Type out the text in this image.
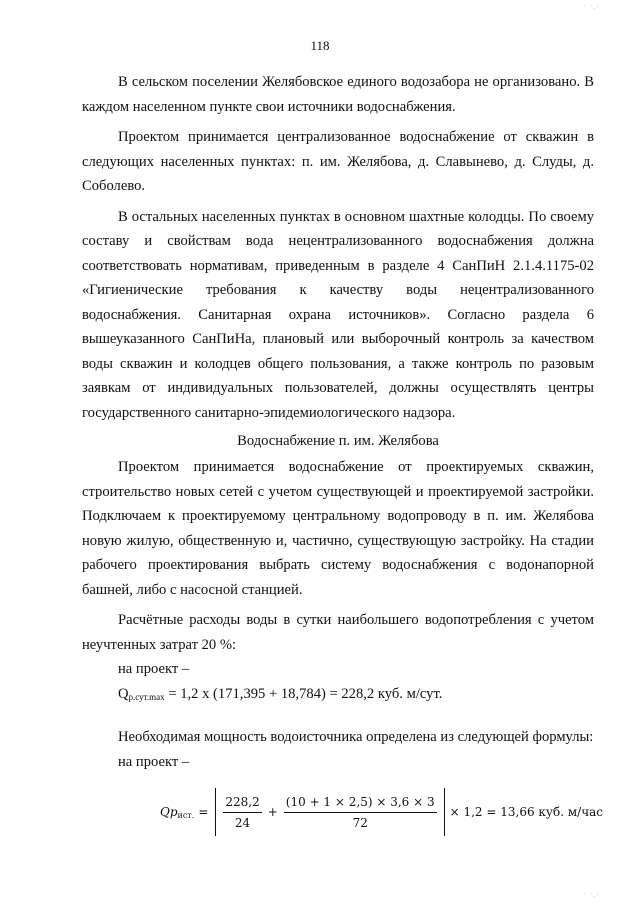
· ·.·
118

В сельском поселении Желябовское единого водозабора не организовано. В каждом населенном пункте свои источники водоснабжения.

Проектом принимается централизованное водоснабжение от скважин в следующих населенных пунктах: п. им. Желябова, д. Славынево, д. Слуды, д. Соболево.

В остальных населенных пунктах в основном шахтные колодцы. По своему составу и свойствам вода нецентрализованного водоснабжения должна соответствовать нормативам, приведенным в разделе 4 СанПиН 2.1.4.1175-02 «Гигиенические требования к качеству воды нецентрализованного водоснабжения. Санитарная охрана источников». Согласно раздела 6 вышеуказанного СанПиНа, плановый или выборочный контроль за качеством воды скважин и колодцев общего пользования, а также контроль по разовым заявкам от индивидуальных пользователей, должны осуществлять центры государственного санитарно-эпидемиологического надзора.

Водоснабжение п. им. Желябова

Проектом принимается водоснабжение от проектируемых скважин, строительство новых сетей с учетом существующей и проектируемой застройки. Подключаем к проектируемому центральному водопроводу в п. им. Желябова новую жилую, общественную и, частично, существующую застройку. На стадии рабочего проектирования выбрать систему водоснабжения с водонапорной башней, либо с насосной станцией.

Расчётные расходы воды в сутки наибольшего водопотребления с учетом неучтенных затрат 20 %:

на проект –
$Q_{р.сут.max} = 1,2$ х (171,395 + 18,784) = 228,2 куб. м/сут.

Необходимая мощность водоисточника определена из следующей формулы:

на проект –
$Qp_{ист.} = \frac{228,2}{24} + \frac{(10 + 1 \times 2,5) \times 3,6 \times 3}{72} \times 1,2 = 13,66$ куб. м/час
· ·.·
